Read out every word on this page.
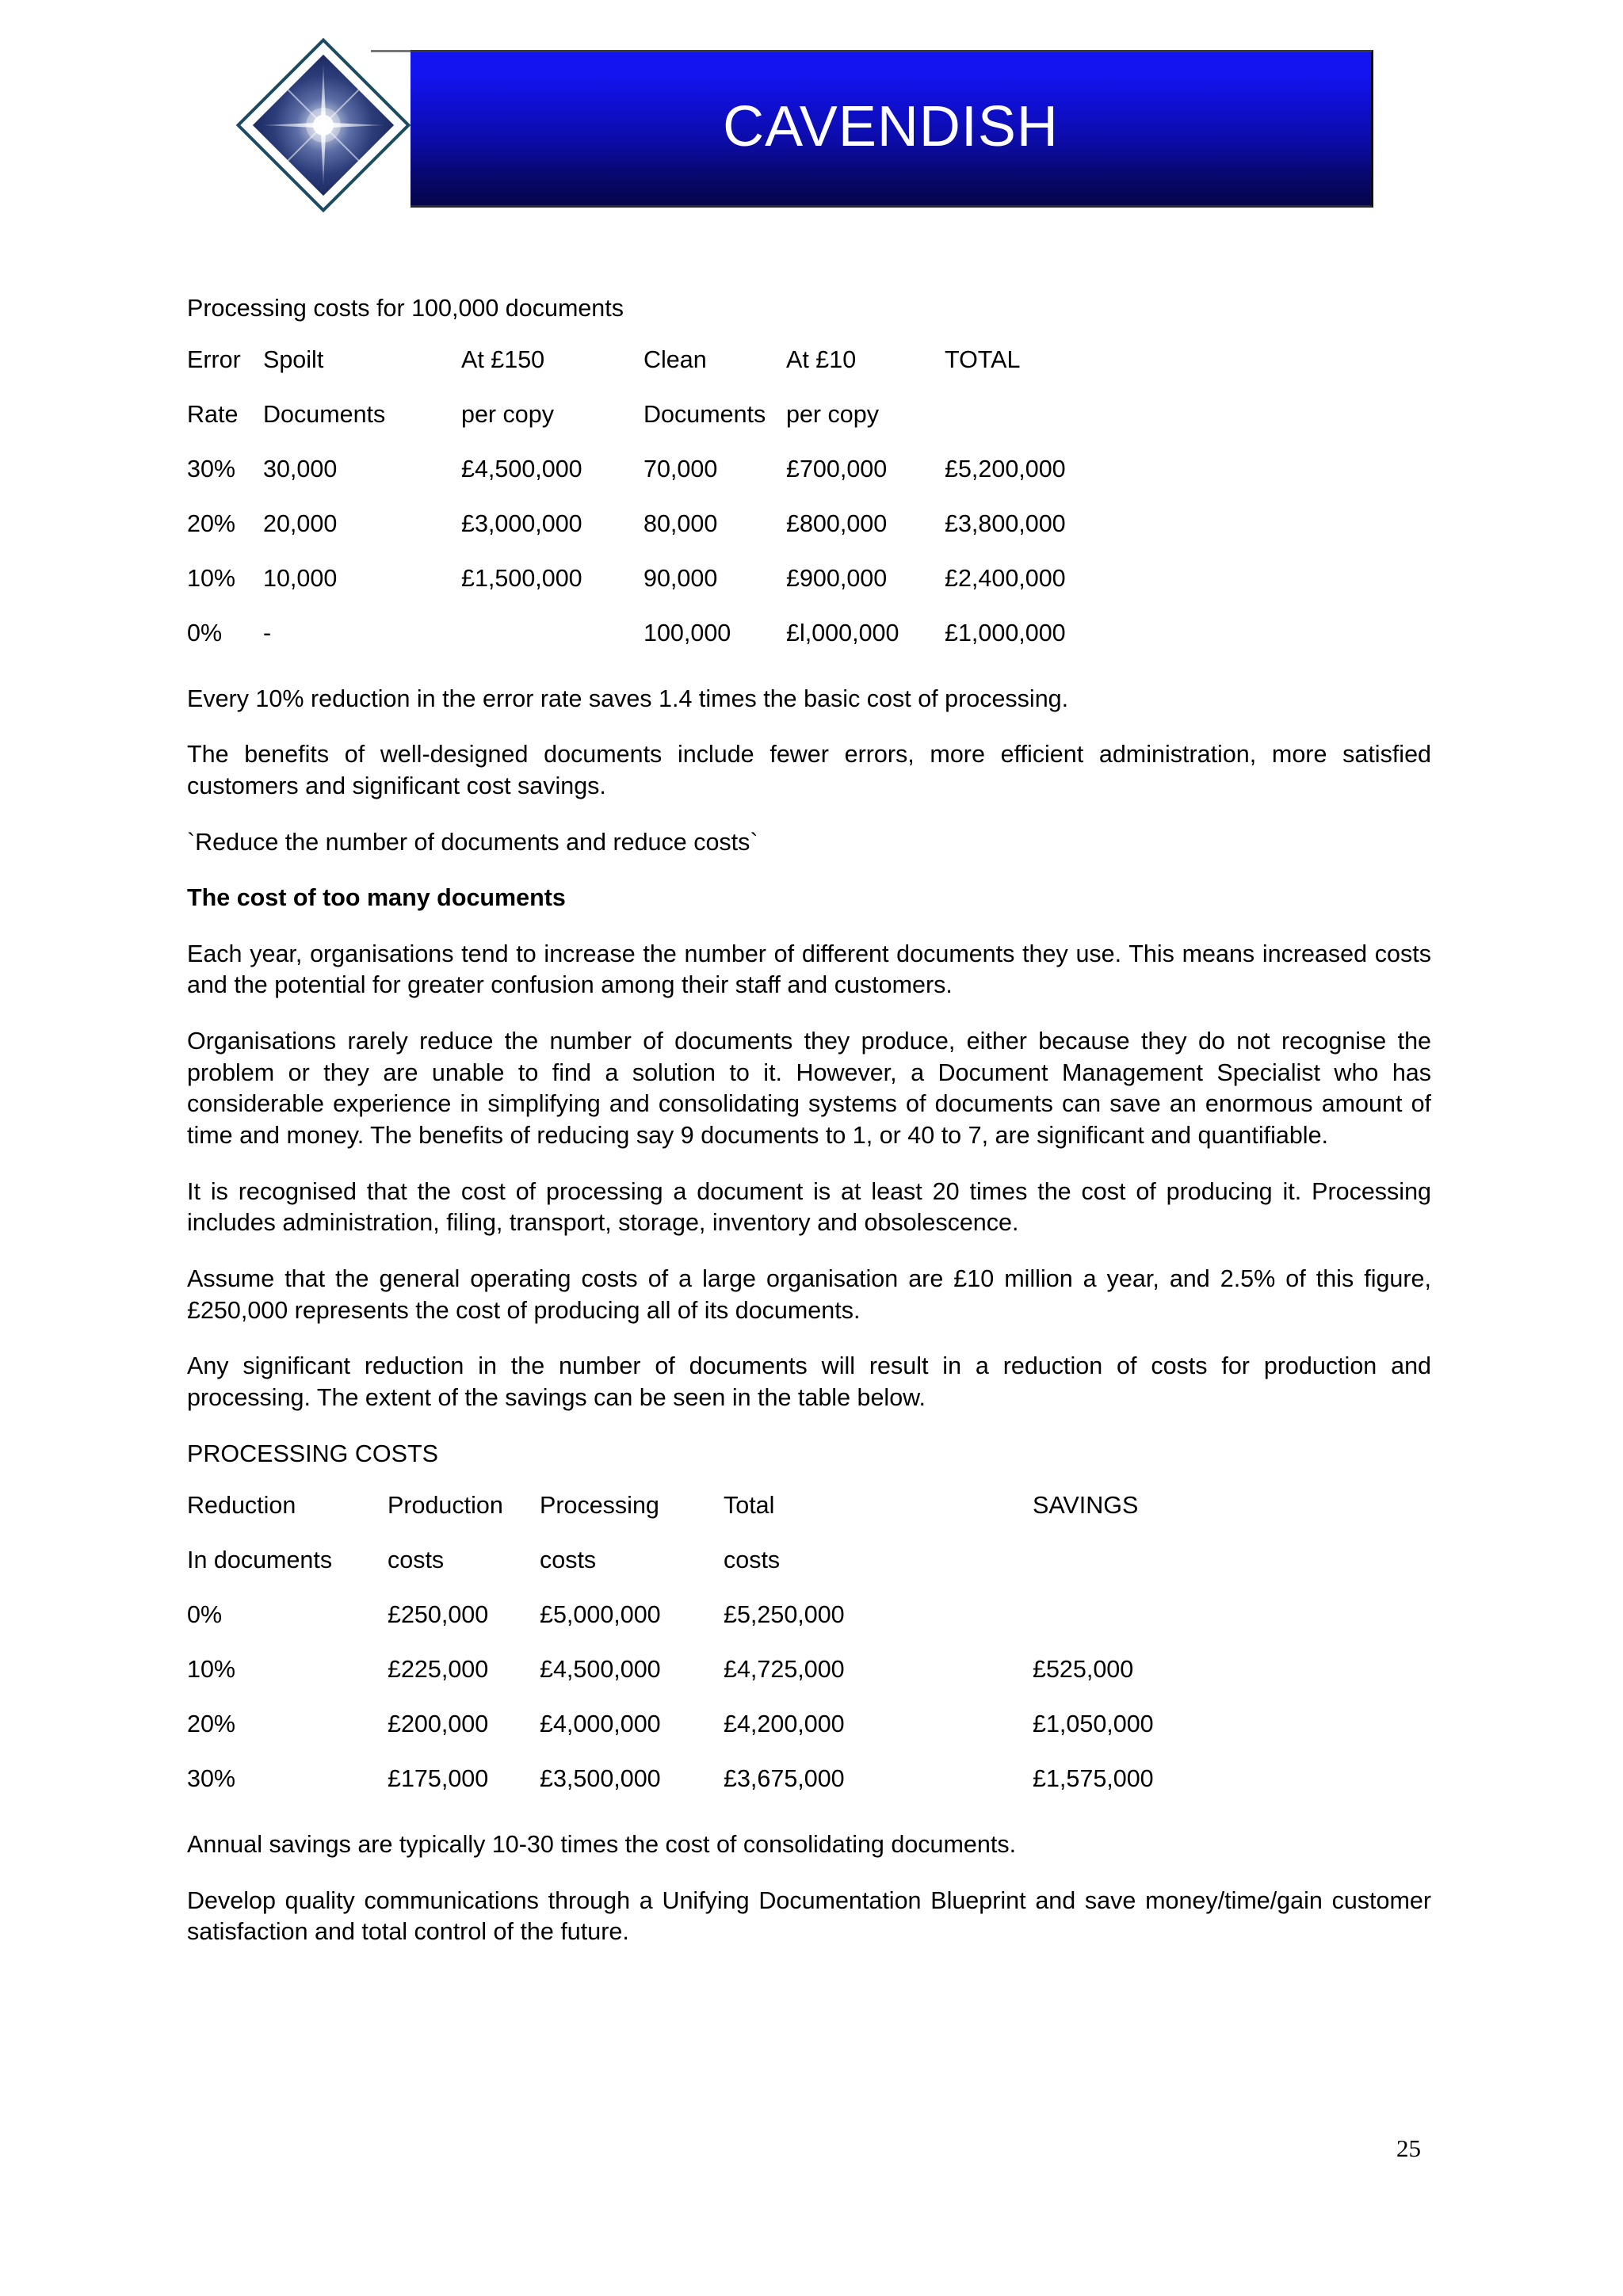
CAVENDISH

Processing costs for 100,000 documents

Error	Spoilt	At £150	Clean	At £10	TOTAL
Rate	Documents	per copy	Documents	per copy	
30%	30,000	£4,500,000	70,000	£700,000	£5,200,000
20%	20,000	£3,000,000	80,000	£800,000	£3,800,000
10%	10,000	£1,500,000	90,000	£900,000	£2,400,000
0%	-		100,000	£l,000,000	£1,000,000

Every 10% reduction in the error rate saves 1.4 times the basic cost of processing.

The benefits of well-designed documents include fewer errors, more efficient administration, more satisfied customers and significant cost savings.

`Reduce the number of documents and reduce costs`

The cost of too many documents

Each year, organisations tend to increase the number of different documents they use. This means increased costs and the potential for greater confusion among their staff and customers.

Organisations rarely reduce the number of documents they produce, either because they do not recognise the problem or they are unable to find a solution to it. However, a Document Management Specialist who has considerable experience in simplifying and consolidating systems of documents can save an enormous amount of time and money. The benefits of reducing say 9 documents to 1, or 40 to 7, are significant and quantifiable.

It is recognised that the cost of processing a document is at least 20 times the cost of producing it. Processing includes administration, filing, transport, storage, inventory and obsolescence.

Assume that the general operating costs of a large organisation are £10 million a year, and 2.5% of this figure, £250,000 represents the cost of producing all of its documents.

Any significant reduction in the number of documents will result in a reduction of costs for production and processing. The extent of the savings can be seen in the table below.

PROCESSING COSTS

Reduction	Production	Processing	Total	SAVINGS
In documents	costs	costs	costs	
0%	£250,000	£5,000,000	£5,250,000	
10%	£225,000	£4,500,000	£4,725,000	£525,000
20%	£200,000	£4,000,000	£4,200,000	£1,050,000
30%	£175,000	£3,500,000	£3,675,000	£1,575,000

Annual savings are typically 10-30 times the cost of consolidating documents.

Develop quality communications through a Unifying Documentation Blueprint and save money/time/gain customer satisfaction and total control of the future.

25
